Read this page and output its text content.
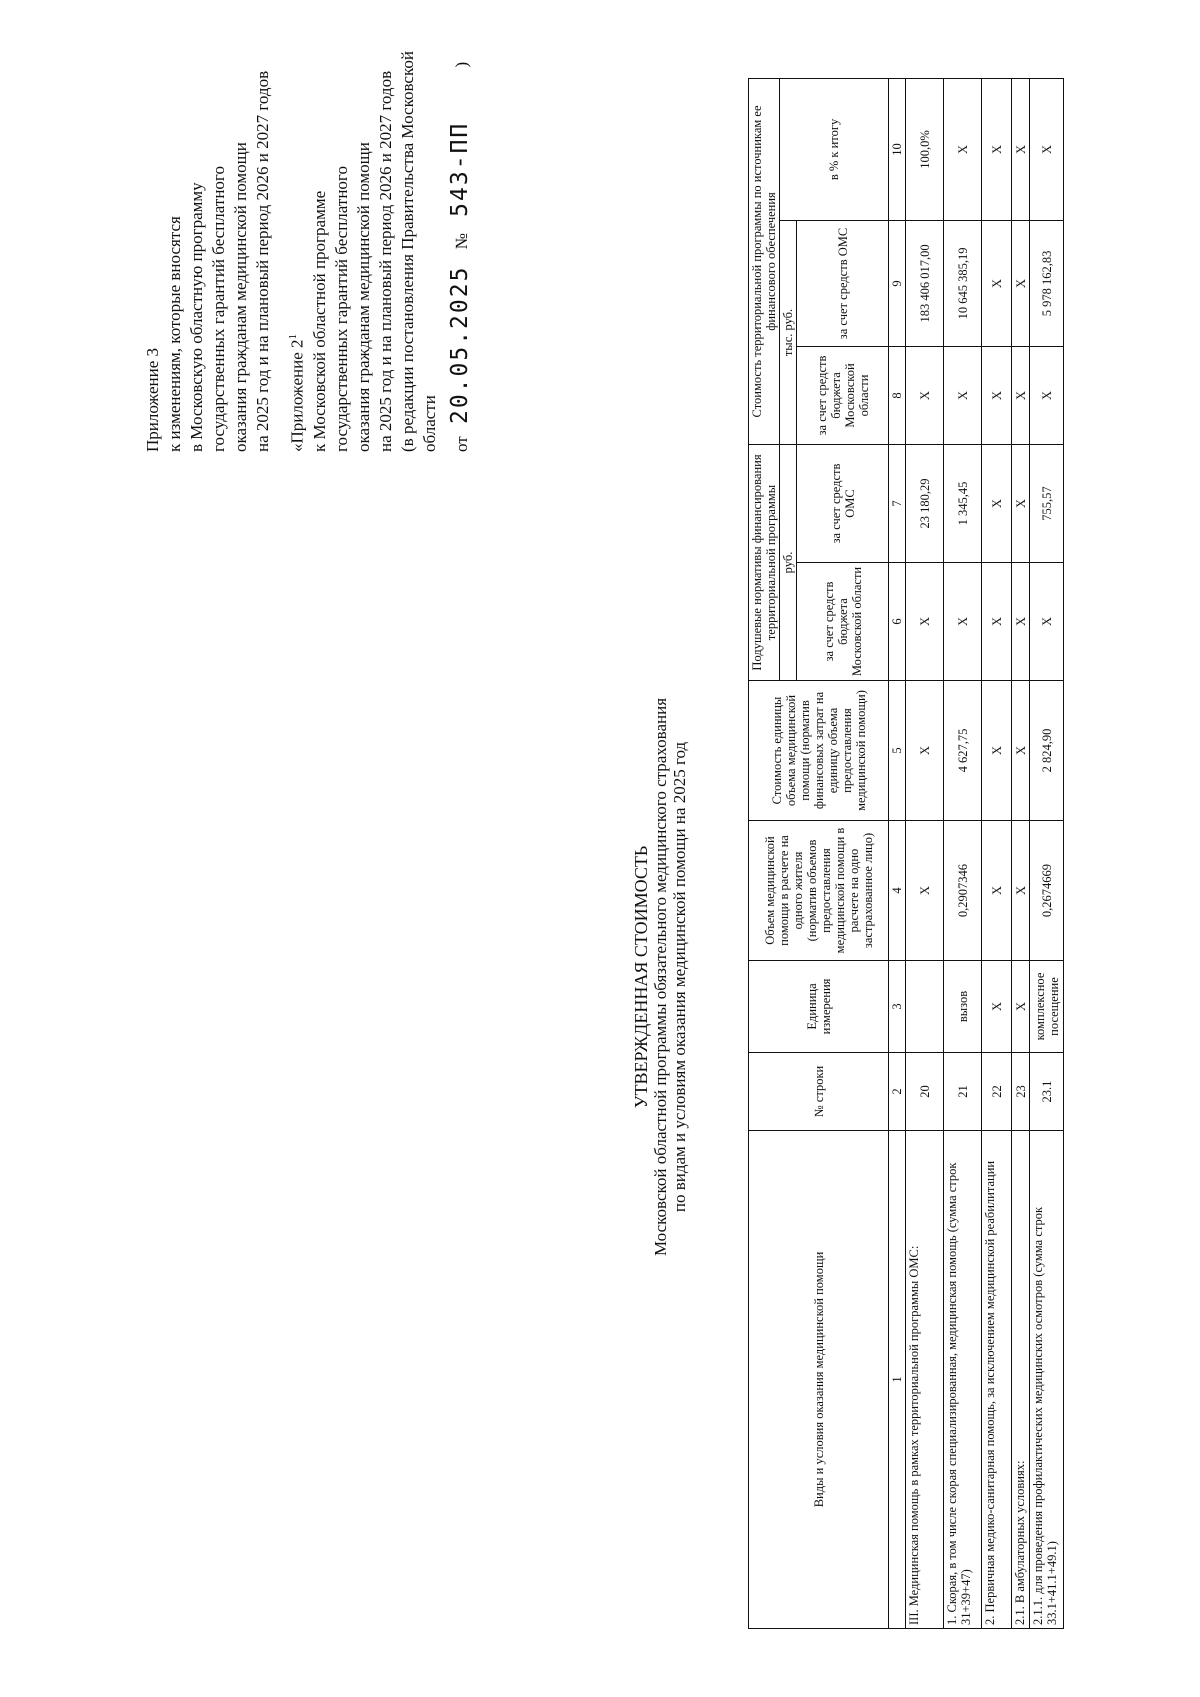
Приложение 3 к изменениям, которые вносятся в Московскую областную программу государственных гарантий бесплатного оказания гражданам медицинской помощи на 2025 год и на плановый период 2026 и 2027 годов «Приложение $2^1$ к Московской областной программе государственных гарантий бесплатного оказания гражданам медицинской помощи на 2025 год и на плановый период 2026 и 2027 годов (в редакции постановления Правительства Московской области от 20.05.2025 № 543-ПП )
УТВЕРЖДЕННАЯ СТОИМОСТЬ Московской областной программы обязательного медицинского страхования по видам и условиям оказания медицинской помощи на 2025 год
Виды и условия оказания медицинской помощи	№ строки	Единица измерения	Объем медицинской помощи в расчете на одного жителя (норматив объемов предоставления медицинской помощи в расчете на одно застрахованное лицо)	Стоимость единицы объема медицинской помощи (норматив финансовых затрат на единицу объема предоставления медицинской помощи)	Подушевые нормативы финансирования территориальной программы		Стоимость территориальной программы по источникам ее финансового обеспечения		
					руб.		тыс. руб.		в % к итогу
					за счет средств бюджета Московской области	за счет средств ОМС	за счет средств бюджета Московской области	за счет средств ОМС	
1	2	3	4	5	6	7	8	9	10
III. Медицинская помощь в рамках территориальной программы ОМС:	20		X	X	X	23 180,29	X	183 406 017,00	100,0%
1. Скорая, в том числе скорая специализированная, медицинская помощь (сумма строк 31+39+47)	21	вызов	0,2907346	4 627,75	X	1 345,45	X	10 645 385,19	X
2. Первичная медико-санитарная помощь, за исключением медицинской реабилитации	22	X	X	X	X	X	X	X	X
2.1. В амбулаторных условиях:	23	X	X	X	X	X	X	X	X
2.1.1. для проведения профилактических медицинских осмотров (сумма строк 33.1+41.1+49.1)	23.1	комплексное посещение	0,2674669	2 824,90	X	755,57	X	5 978 162,83	X
